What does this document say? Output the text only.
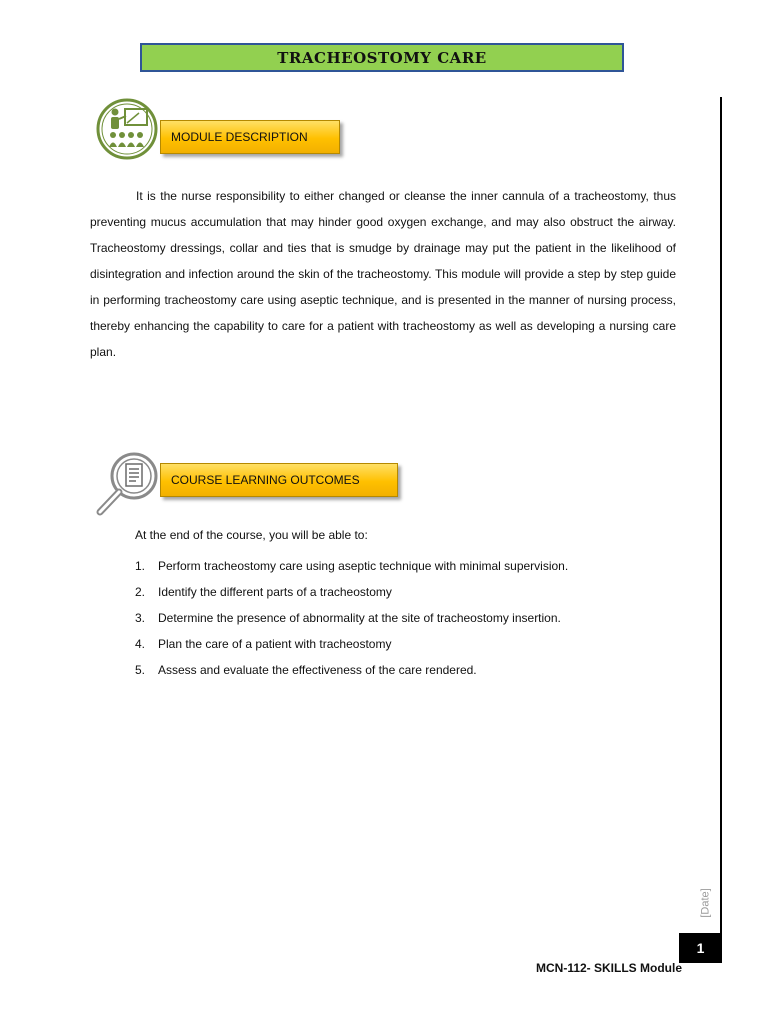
TRACHEOSTOMY CARE
MODULE DESCRIPTION

It is the nurse responsibility to either changed or cleanse the inner cannula of a tracheostomy, thus preventing mucus accumulation that may hinder good oxygen exchange, and may also obstruct the airway. Tracheostomy dressings, collar and ties that is smudge by drainage may put the patient in the likelihood of disintegration and infection around the skin of the tracheostomy. This module will provide a step by step guide in performing tracheostomy care using aseptic technique, and is presented in the manner of nursing process, thereby enhancing the capability to care for a patient with tracheostomy as well as developing a nursing care plan.

COURSE LEARNING OUTCOMES

At the end of the course, you will be able to:

1.	Perform tracheostomy care using aseptic technique with minimal supervision.
2.	Identify the different parts of a tracheostomy
3.	Determine the presence of abnormality at the site of tracheostomy insertion.
4.	Plan the care of a patient with tracheostomy
5.	Assess and evaluate the effectiveness of the care rendered.
[Date]
1
MCN-112- SKILLS Module
